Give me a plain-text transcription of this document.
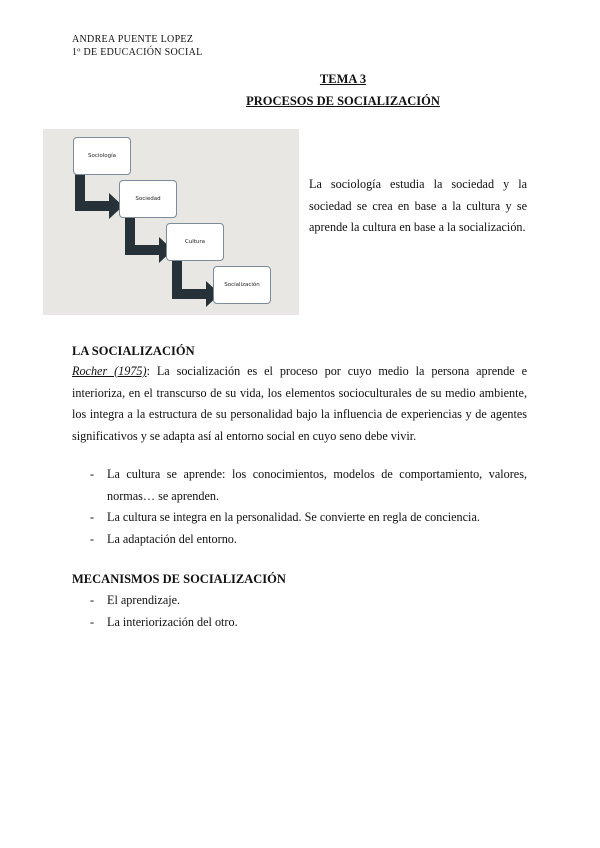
ANDREA PUENTE LOPEZ
1º DE EDUCACIÓN SOCIAL
TEMA 3
PROCESOS DE SOCIALIZACIÓN
Sociología
Sociedad
Cultura
Socialización
La sociología estudia la sociedad y la sociedad se crea en base a la cultura y se aprende la cultura en base a la socialización.
LA SOCIALIZACIÓN
Rocher (1975): La socialización es el proceso por cuyo medio la persona aprende e interioriza, en el transcurso de su vida, los elementos socioculturales de su medio ambiente, los integra a la estructura de su personalidad bajo la influencia de experiencias y de agentes significativos y se adapta así al entorno social en cuyo seno debe vivir.
- La cultura se aprende: los conocimientos, modelos de comportamiento, valores, normas… se aprenden.
- La cultura se integra en la personalidad. Se convierte en regla de conciencia.
- La adaptación del entorno.
MECANISMOS DE SOCIALIZACIÓN
- El aprendizaje.
- La interiorización del otro.
